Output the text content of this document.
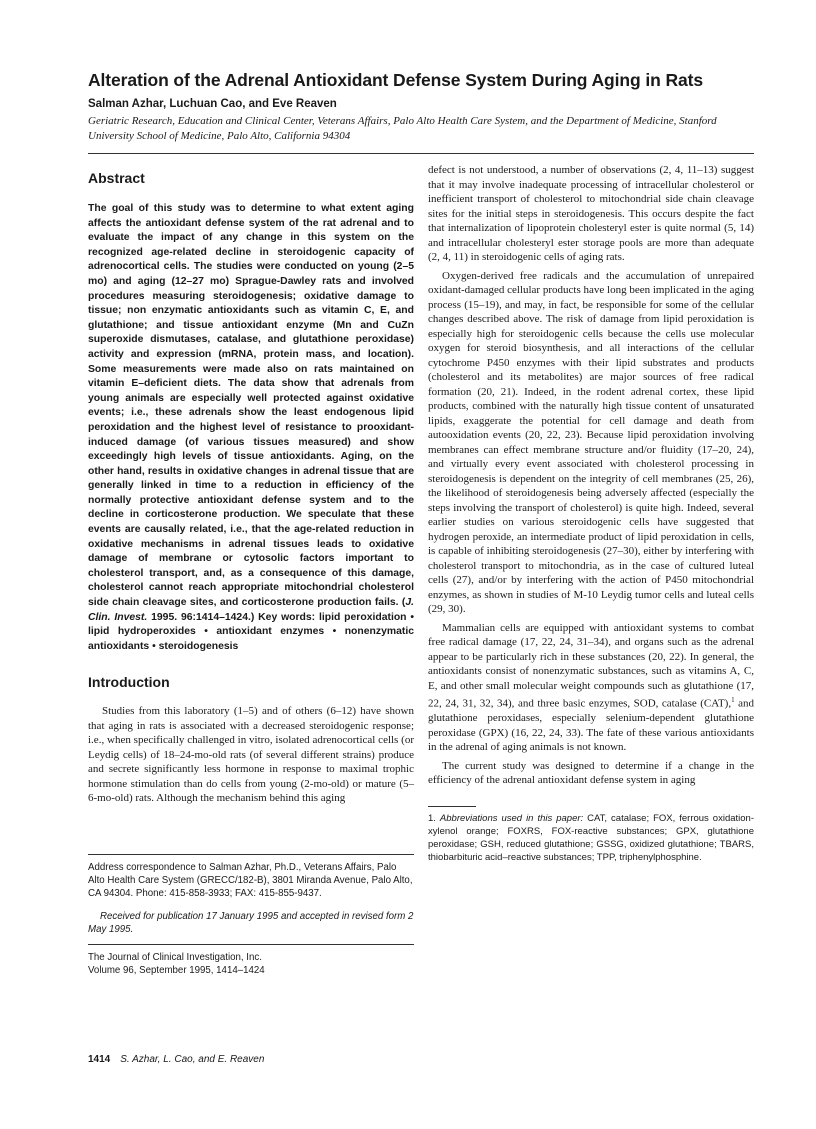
Alteration of the Adrenal Antioxidant Defense System During Aging in Rats
Salman Azhar, Luchuan Cao, and Eve Reaven
Geriatric Research, Education and Clinical Center, Veterans Affairs, Palo Alto Health Care System, and the Department of Medicine, Stanford University School of Medicine, Palo Alto, California 94304
Abstract

The goal of this study was to determine to what extent aging affects the antioxidant defense system of the rat adrenal and to evaluate the impact of any change in this system on the recognized age-related decline in steroidogenic capacity of adrenocortical cells. The studies were conducted on young (2–5 mo) and aging (12–27 mo) Sprague-Dawley rats and involved procedures measuring steroidogenesis; oxidative damage to tissue; non enzymatic antioxidants such as vitamin C, E, and glutathione; and tissue antioxidant enzyme (Mn and CuZn superoxide dismutases, catalase, and glutathione peroxidase) activity and expression (mRNA, protein mass, and location). Some measurements were made also on rats maintained on vitamin E–deficient diets. The data show that adrenals from young animals are especially well protected against oxidative events; i.e., these adrenals show the least endogenous lipid peroxidation and the highest level of resistance to prooxidant-induced damage (of various tissues measured) and show exceedingly high levels of tissue antioxidants. Aging, on the other hand, results in oxidative changes in adrenal tissue that are generally linked in time to a reduction in efficiency of the normally protective antioxidant defense system and to the decline in corticosterone production. We speculate that these events are causally related, i.e., that the age-related reduction in oxidative mechanisms in adrenal tissues leads to oxidative damage of membrane or cytosolic factors important to cholesterol transport, and, as a consequence of this damage, cholesterol cannot reach appropriate mitochondrial cholesterol side chain cleavage sites, and corticosterone production fails. (J. Clin. Invest. 1995. 96:1414–1424.) Key words: lipid peroxidation • lipid hydroperoxides • antioxidant enzymes • nonenzymatic antioxidants • steroidogenesis

Introduction

Studies from this laboratory (1–5) and of others (6–12) have shown that aging in rats is associated with a decreased steroidogenic response; i.e., when specifically challenged in vitro, isolated adrenocortical cells (or Leydig cells) of 18–24-mo-old rats (of several different strains) produce and secrete significantly less hormone in response to maximal trophic hormone stimulation than do cells from young (2-mo-old) or mature (5–6-mo-old) rats. Although the mechanism behind this aging

Address correspondence to Salman Azhar, Ph.D., Veterans Affairs, Palo Alto Health Care System (GRECC/182-B), 3801 Miranda Avenue, Palo Alto, CA 94304. Phone: 415-858-3933; FAX: 415-855-9437.
Received for publication 17 January 1995 and accepted in revised form 2 May 1995.
The Journal of Clinical Investigation, Inc.
Volume 96, September 1995, 1414–1424

defect is not understood, a number of observations (2, 4, 11–13) suggest that it may involve inadequate processing of intracellular cholesterol or inefficient transport of cholesterol to mitochondrial side chain cleavage sites for the initial steps in steroidogenesis. This occurs despite the fact that internalization of lipoprotein cholesteryl ester is quite normal (5, 14) and intracellular cholesteryl ester storage pools are more than adequate (2, 4, 11) in steroidogenic cells of aging rats.

Oxygen-derived free radicals and the accumulation of unrepaired oxidant-damaged cellular products have long been implicated in the aging process (15–19), and may, in fact, be responsible for some of the cellular changes described above. The risk of damage from lipid peroxidation is especially high for steroidogenic cells because the cells use molecular oxygen for steroid biosynthesis, and all interactions of the cellular cytochrome P450 enzymes with their lipid substrates and products (cholesterol and its metabolites) are major sources of free radical formation (20, 21). Indeed, in the rodent adrenal cortex, these lipid products, combined with the naturally high tissue content of unsaturated lipids, exaggerate the potential for cell damage and death from autooxidation events (20, 22, 23). Because lipid peroxidation involving membranes can effect membrane structure and/or fluidity (17–20, 24), and virtually every event associated with cholesterol processing in steroidogenesis is dependent on the integrity of cell membranes (25, 26), the likelihood of steroidogenesis being adversely affected (especially the steps involving the transport of cholesterol) is quite high. Indeed, several earlier studies on various steroidogenic cells have suggested that hydrogen peroxide, an intermediate product of lipid peroxidation in cells, is capable of inhibiting steroidogenesis (27–30), either by interfering with cholesterol transport to mitochondria, as in the case of cultured luteal cells (27), and/or by interfering with the action of P450 mitochondrial enzymes, as shown in studies of M-10 Leydig tumor cells and luteal cells (29, 30).

Mammalian cells are equipped with antioxidant systems to combat free radical damage (17, 22, 24, 31–34), and organs such as the adrenal appear to be particularly rich in these substances (20, 22). In general, the antioxidants consist of nonenzymatic substances, such as vitamins A, C, E, and other small molecular weight compounds such as glutathione (17, 22, 24, 31, 32, 34), and three basic enzymes, SOD, catalase (CAT),$^1$ and glutathione peroxidases, especially selenium-dependent glutathione peroxidase (GPX) (16, 22, 24, 33). The fate of these various antioxidants in the adrenal of aging animals is not known.

The current study was designed to determine if a change in the efficiency of the adrenal antioxidant defense system in aging

1. Abbreviations used in this paper: CAT, catalase; FOX, ferrous oxidation-xylenol orange; FOXRS, FOX-reactive substances; GPX, glutathione peroxidase; GSH, reduced glutathione; GSSG, oxidized glutathione; TBARS, thiobarbituric acid–reactive substances; TPP, triphenylphosphine.
1414 S. Azhar, L. Cao, and E. Reaven
